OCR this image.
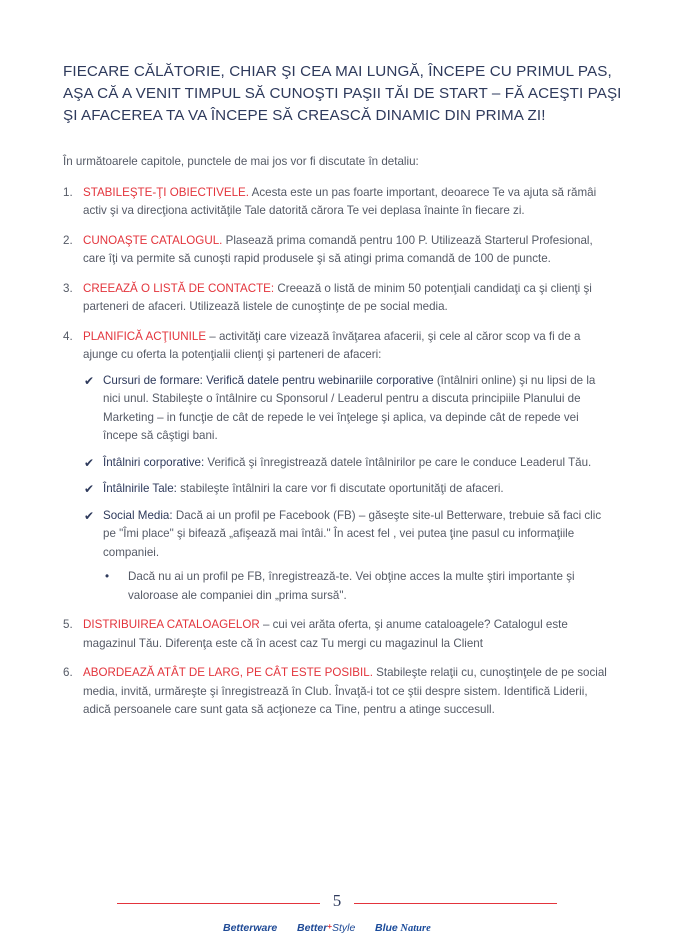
FIECARE CĂLĂTORIE, CHIAR ŞI CEA MAI LUNGĂ, ÎNCEPE CU PRIMUL PAS,
AŞA CĂ A VENIT TIMPUL SĂ CUNOŞTI PAŞII TĂI DE START – FĂ ACEŞTI PAŞI
ŞI AFACEREA TA VA ÎNCEPE SĂ CREASCĂ DINAMIC DIN PRIMA ZI!

În următoarele capitole, punctele de mai jos vor fi discutate în detaliu:

1. STABILEŞTE-ŢI OBIECTIVELE. Acesta este un pas foarte important, deoarece Te va ajuta să rămâi activ şi va direcţiona activităţile Tale datorită cărora Te vei deplasa înainte în fiecare zi.
2. CUNOAŞTE CATALOGUL. Plasează prima comandă pentru 100 P. Utilizează Starterul Profesional, care îţi va permite să cunoşti rapid produsele şi să atingi prima comandă de 100 de puncte.
3. CREEAZĂ O LISTĂ DE CONTACTE: Creează o listă de minim 50 potenţiali candidaţi ca şi clienţi şi parteneri de afaceri. Utilizează listele de cunoştinţe de pe social media.
4. PLANIFICĂ ACŢIUNILE – activităţi care vizează învăţarea afacerii, şi cele al căror scop va fi de a ajunge cu oferta la potenţialii clienţi şi parteneri de afaceri:
✔ Cursuri de formare: Verifică datele pentru webinariile corporative (întâlniri online) şi nu lipsi de la nici unul. Stabileşte o întâlnire cu Sponsorul / Leaderul pentru a discuta principiile Planului de Marketing – in funcţie de cât de repede le vei înţelege şi aplica, va depinde cât de repede vei începe să câştigi bani.
✔ Întâlniri corporative: Verifică şi înregistrează datele întâlnirilor pe care le conduce Leaderul Tău.
✔ Întâlnirile Tale: stabileşte întâlniri la care vor fi discutate oportunităţi de afaceri.
✔ Social Media: Dacă ai un profil pe Facebook (FB) – găseşte site-ul Betterware, trebuie să faci clic pe "Îmi place" şi bifează „afişează mai întâi." În acest fel , vei putea ţine pasul cu informaţiile companiei.
• Dacă nu ai un profil pe FB, înregistrează-te. Vei obţine acces la multe ştiri importante şi valoroase ale companiei din „prima sursă".
5. DISTRIBUIREA CATALOAGELOR – cui vei arăta oferta, şi anume cataloagele? Catalogul este magazinul Tău. Diferenţa este că în acest caz Tu mergi cu magazinul la Client
6. ABORDEAZĂ ATÂT DE LARG, PE CÂT ESTE POSIBIL. Stabileşte relaţii cu, cunoştinţele de pe social media, invită, urmăreşte şi înregistrează în Club. Învaţă-i tot ce ştii despre sistem. Identifică Liderii, adică persoanele care sunt gata să acţioneze ca Tine, pentru a atinge succesull.
5
Betterware Better+Style Blue Nature
